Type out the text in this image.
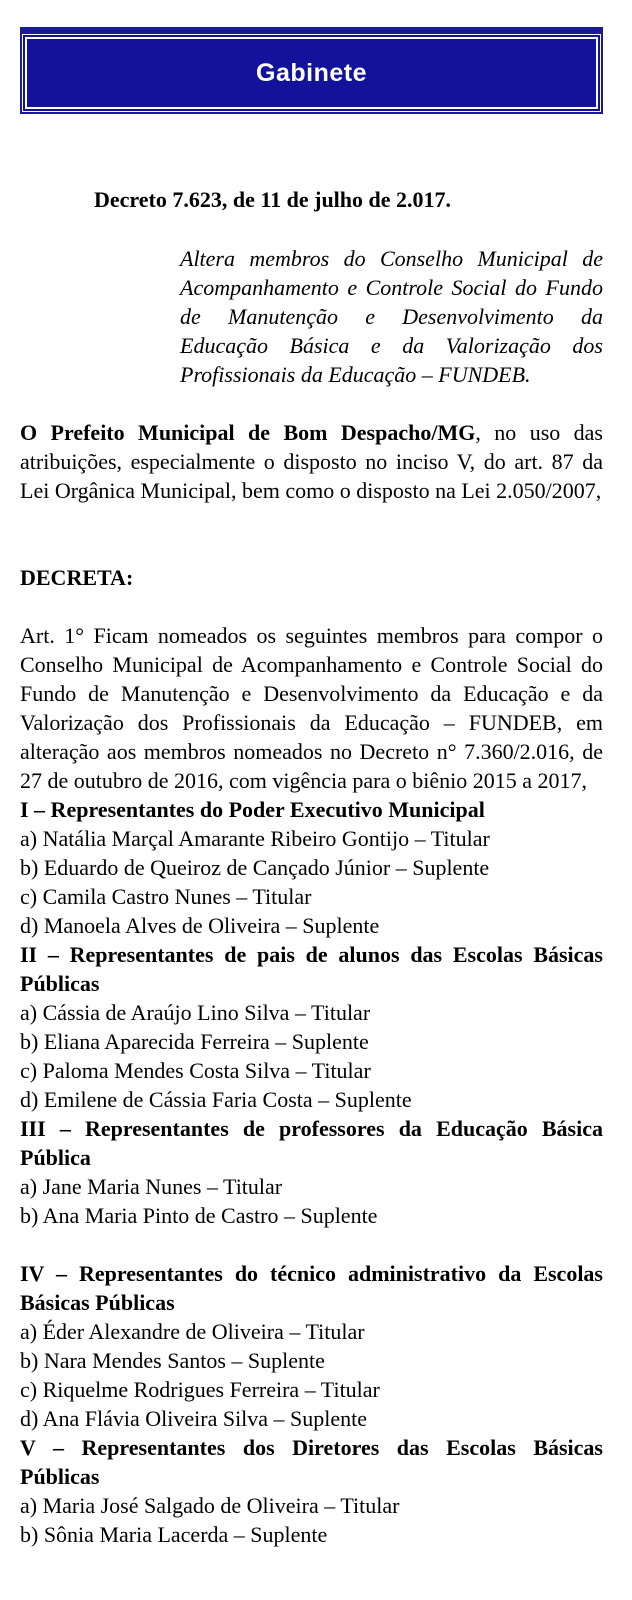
Gabinete
Decreto 7.623, de 11 de julho de 2.017.
Altera membros do Conselho Municipal de Acompanhamento e Controle Social do Fundo de Manutenção e Desenvolvimento da Educação Básica e da Valorização dos Profissionais da Educação – FUNDEB.
O Prefeito Municipal de Bom Despacho/MG, no uso das atribuições, especialmente o disposto no inciso V, do art. 87 da Lei Orgânica Municipal, bem como o disposto na Lei 2.050/2007,
DECRETA:

Art. 1° Ficam nomeados os seguintes membros para compor o Conselho Municipal de Acompanhamento e Controle Social do Fundo de Manutenção e Desenvolvimento da Educação e da Valorização dos Profissionais da Educação – FUNDEB, em alteração aos membros nomeados no Decreto n° 7.360/2.016, de 27 de outubro de 2016, com vigência para o biênio 2015 a 2017,

I – Representantes do Poder Executivo Municipal

a) Natália Marçal Amarante Ribeiro Gontijo – Titular

b) Eduardo de Queiroz de Cançado Júnior – Suplente

c) Camila Castro Nunes – Titular

d) Manoela Alves de Oliveira – Suplente

II – Representantes de pais de alunos das Escolas Básicas Públicas

a) Cássia de Araújo Lino Silva – Titular

b) Eliana Aparecida Ferreira – Suplente

c) Paloma Mendes Costa Silva – Titular

d) Emilene de Cássia Faria Costa – Suplente

III – Representantes de professores da Educação Básica Pública

a) Jane Maria Nunes – Titular

b) Ana Maria Pinto de Castro – Suplente

IV – Representantes do técnico administrativo da Escolas Básicas Públicas

a) Éder Alexandre de Oliveira – Titular

b) Nara Mendes Santos – Suplente

c) Riquelme Rodrigues Ferreira – Titular

d) Ana Flávia Oliveira Silva – Suplente

V – Representantes dos Diretores das Escolas Básicas Públicas

a) Maria José Salgado de Oliveira – Titular

b) Sônia Maria Lacerda – Suplente
